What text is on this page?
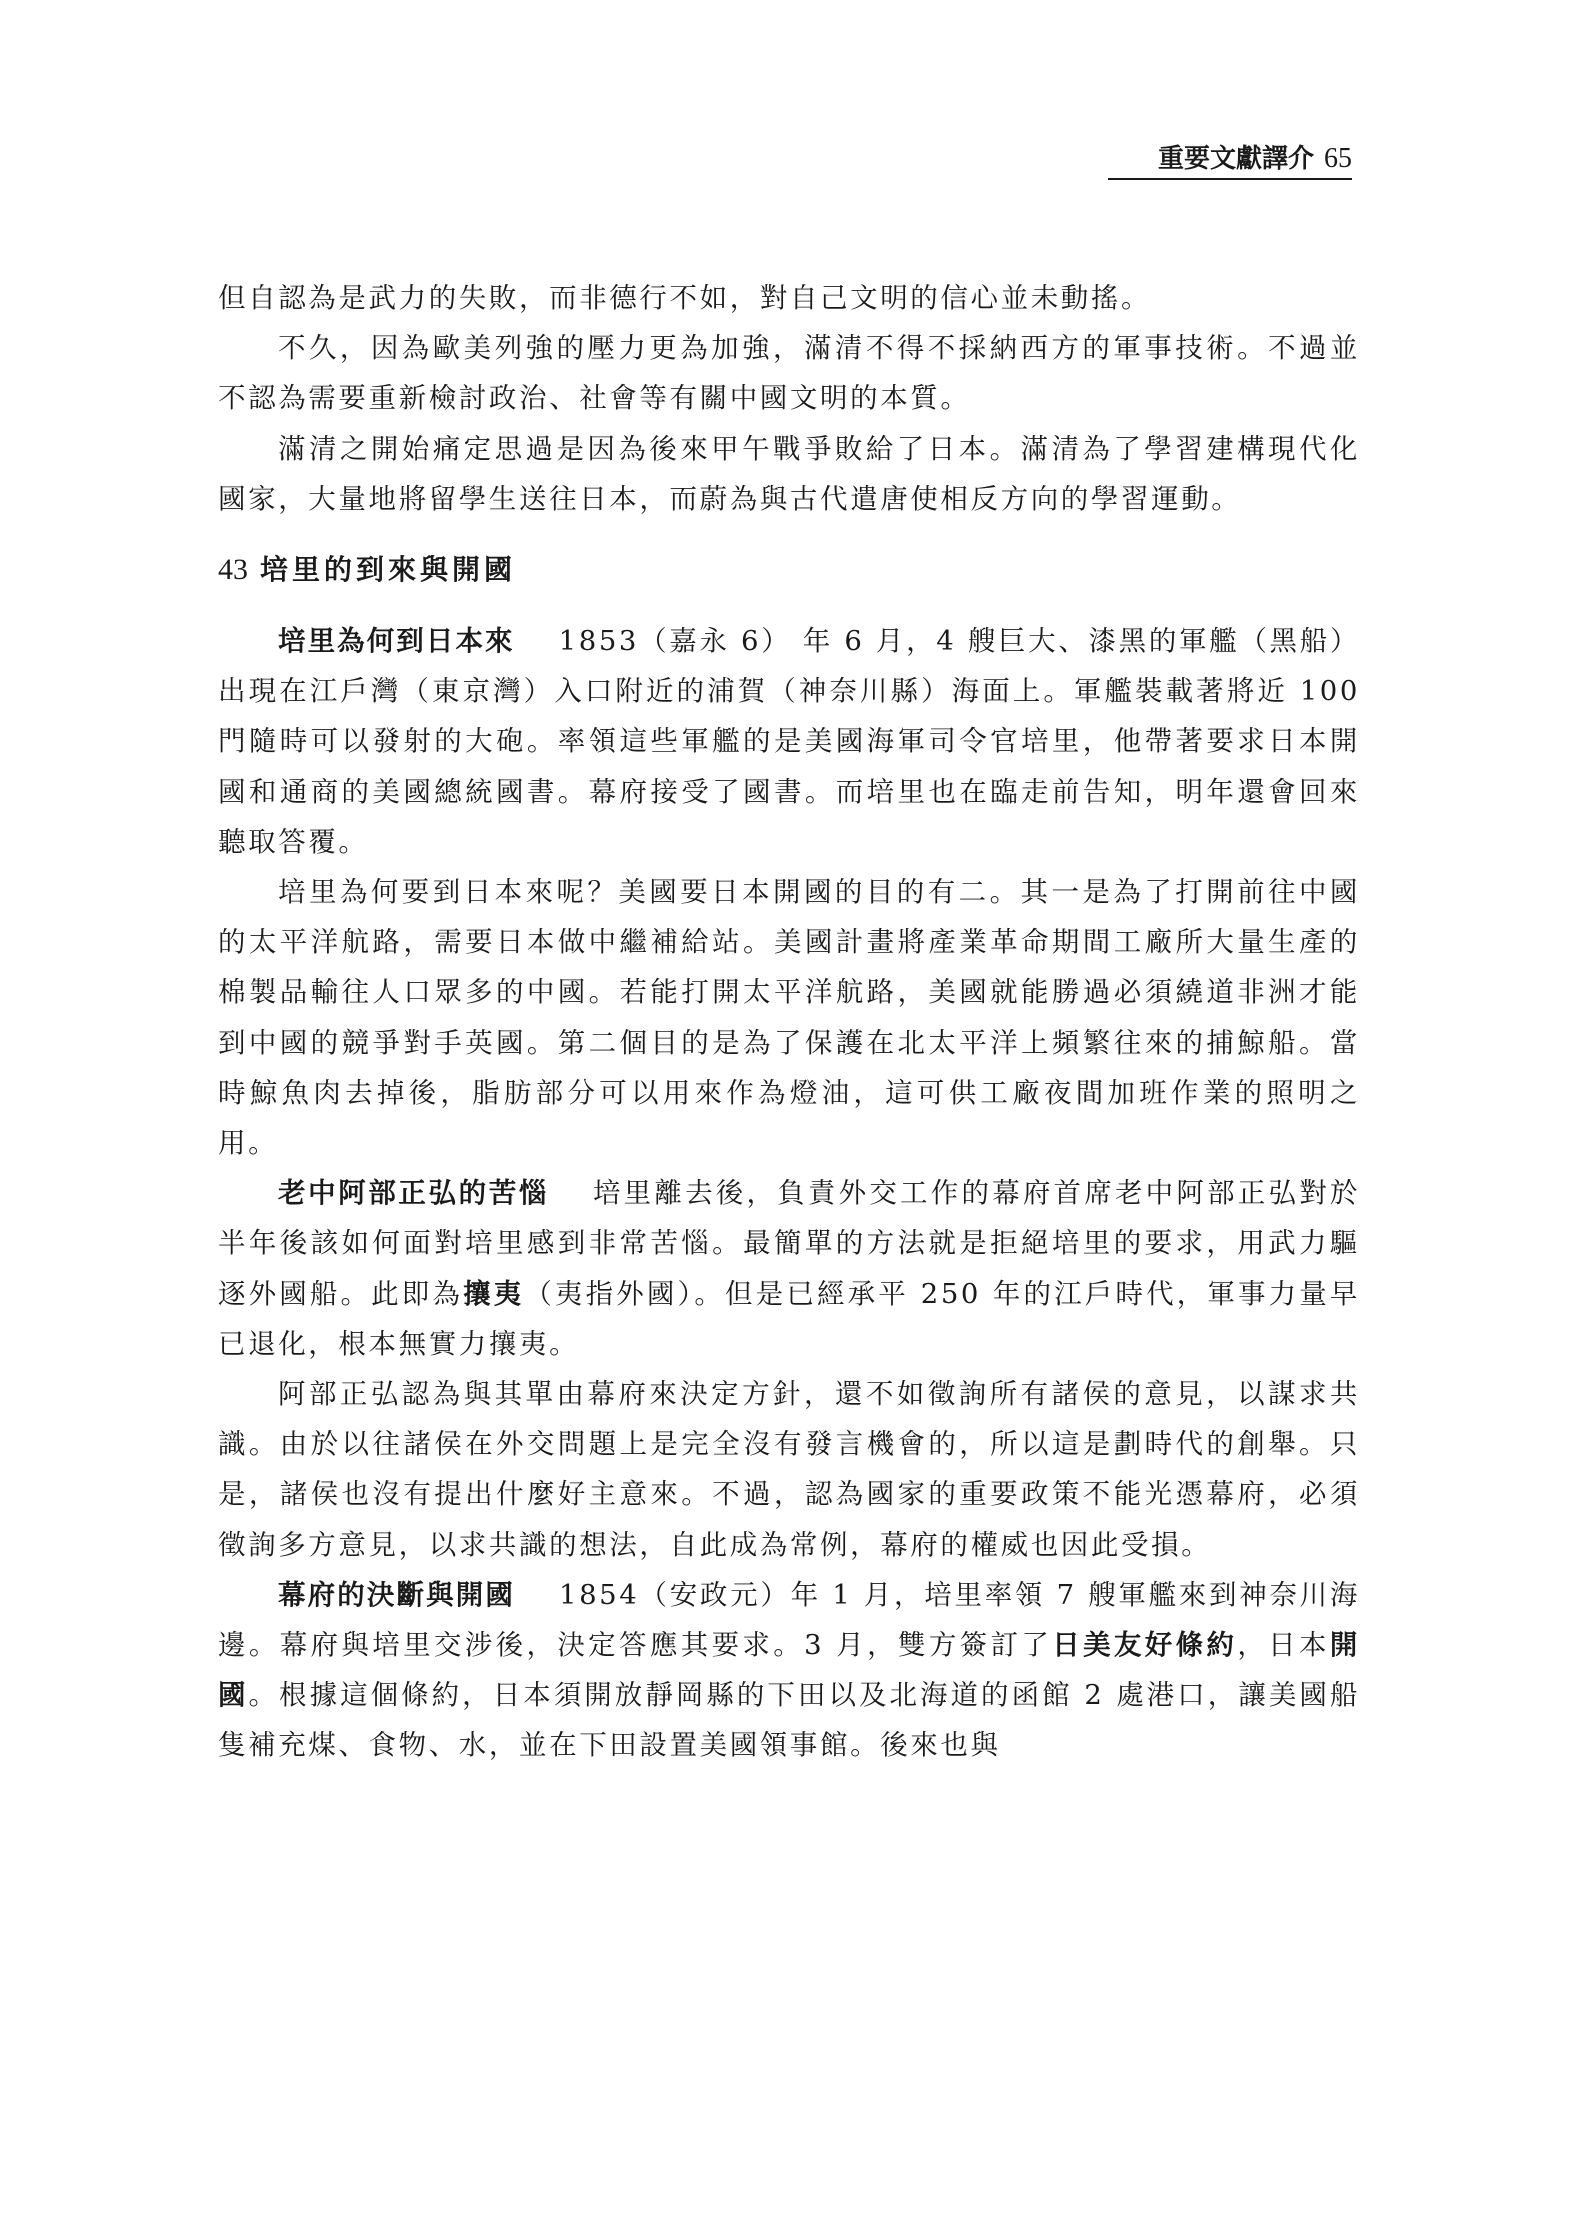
重要文獻譯介 65

但自認為是武力的失敗，而非德行不如，對自己文明的信心並未動搖。

不久，因為歐美列強的壓力更為加強，滿清不得不採納西方的軍事技術。不過並不認為需要重新檢討政治、社會等有關中國文明的本質。

滿清之開始痛定思過是因為後來甲午戰爭敗給了日本。滿清為了學習建構現代化國家，大量地將留學生送往日本，而蔚為與古代遣唐使相反方向的學習運動。

43 培里的到來與開國

培里為何到日本來 1853（嘉永 6） 年 6 月，4 艘巨大、漆黑的軍艦（黑船）出現在江戶灣（東京灣）入口附近的浦賀（神奈川縣）海面上。軍艦裝載著將近 100 門隨時可以發射的大砲。率領這些軍艦的是美國海軍司令官培里，他帶著要求日本開國和通商的美國總統國書。幕府接受了國書。而培里也在臨走前告知，明年還會回來聽取答覆。

培里為何要到日本來呢？美國要日本開國的目的有二。其一是為了打開前往中國的太平洋航路，需要日本做中繼補給站。美國計畫將產業革命期間工廠所大量生產的棉製品輸往人口眾多的中國。若能打開太平洋航路，美國就能勝過必須繞道非洲才能到中國的競爭對手英國。第二個目的是為了保護在北太平洋上頻繁往來的捕鯨船。當時鯨魚肉去掉後，脂肪部分可以用來作為燈油，這可供工廠夜間加班作業的照明之用。

老中阿部正弘的苦惱 培里離去後，負責外交工作的幕府首席老中阿部正弘對於半年後該如何面對培里感到非常苦惱。最簡單的方法就是拒絕培里的要求，用武力驅逐外國船。此即為攘夷（夷指外國）。但是已經承平 250 年的江戶時代，軍事力量早已退化，根本無實力攘夷。

阿部正弘認為與其單由幕府來決定方針，還不如徵詢所有諸侯的意見，以謀求共識。由於以往諸侯在外交問題上是完全沒有發言機會的，所以這是劃時代的創舉。只是，諸侯也沒有提出什麼好主意來。不過，認為國家的重要政策不能光憑幕府，必須徵詢多方意見，以求共識的想法，自此成為常例，幕府的權威也因此受損。

幕府的決斷與開國 1854（安政元）年 1 月，培里率領 7 艘軍艦來到神奈川海邊。幕府與培里交涉後，決定答應其要求。3 月，雙方簽訂了日美友好條約，日本開國。根據這個條約，日本須開放靜岡縣的下田以及北海道的函館 2 處港口，讓美國船隻補充煤、食物、水，並在下田設置美國領事館。後來也與
